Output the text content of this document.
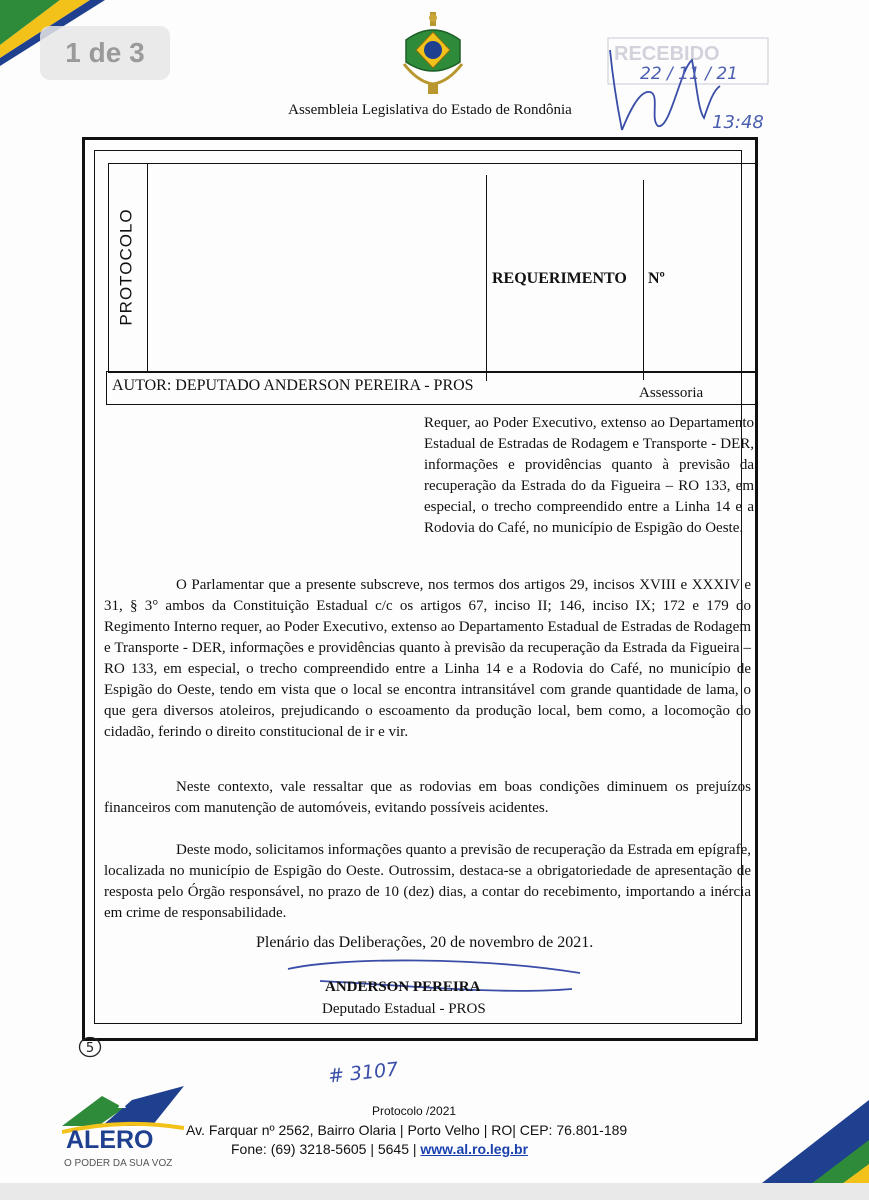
1 de 3
Assembleia Legislativa do Estado de Rondônia
RECEBIDO
22 / 11 / 21
13:48
PROTOCOLO	REQUERIMENTO Nº
AUTOR: DEPUTADO ANDERSON PEREIRA - PROS	Assessoria
Requer, ao Poder Executivo, extenso ao Departamento Estadual de Estradas de Rodagem e Transporte - DER, informações e providências quanto à previsão da recuperação da Estrada do da Figueira – RO 133, em especial, o trecho compreendido entre a Linha 14 e a Rodovia do Café, no município de Espigão do Oeste.
O Parlamentar que a presente subscreve, nos termos dos artigos 29, incisos XVIII e XXXIV e 31, § 3° ambos da Constituição Estadual c/c os artigos 67, inciso II; 146, inciso IX; 172 e 179 do Regimento Interno requer, ao Poder Executivo, extenso ao Departamento Estadual de Estradas de Rodagem e Transporte - DER, informações e providências quanto à previsão da recuperação da Estrada da Figueira – RO 133, em especial, o trecho compreendido entre a Linha 14 e a Rodovia do Café, no município de Espigão do Oeste, tendo em vista que o local se encontra intransitável com grande quantidade de lama, o que gera diversos atoleiros, prejudicando o escoamento da produção local, bem como, a locomoção do cidadão, ferindo o direito constitucional de ir e vir.
Neste contexto, vale ressaltar que as rodovias em boas condições diminuem os prejuízos financeiros com manutenção de automóveis, evitando possíveis acidentes.
Deste modo, solicitamos informações quanto a previsão de recuperação da Estrada em epígrafe, localizada no município de Espigão do Oeste. Outrossim, destaca-se a obrigatoriedade de apresentação de resposta pelo Órgão responsável, no prazo de 10 (dez) dias, a contar do recebimento, importando a inércia em crime de responsabilidade.
Plenário das Deliberações, 20 de novembro de 2021.
ANDERSON PEREIRA
Deputado Estadual - PROS
5
# 3107
ALERO
O PODER DA SUA VOZ
Protocolo /2021
Av. Farquar nº 2562, Bairro Olaria | Porto Velho | RO| CEP: 76.801-189
Fone: (69) 3218-5605 | 5645 | www.al.ro.leg.br
